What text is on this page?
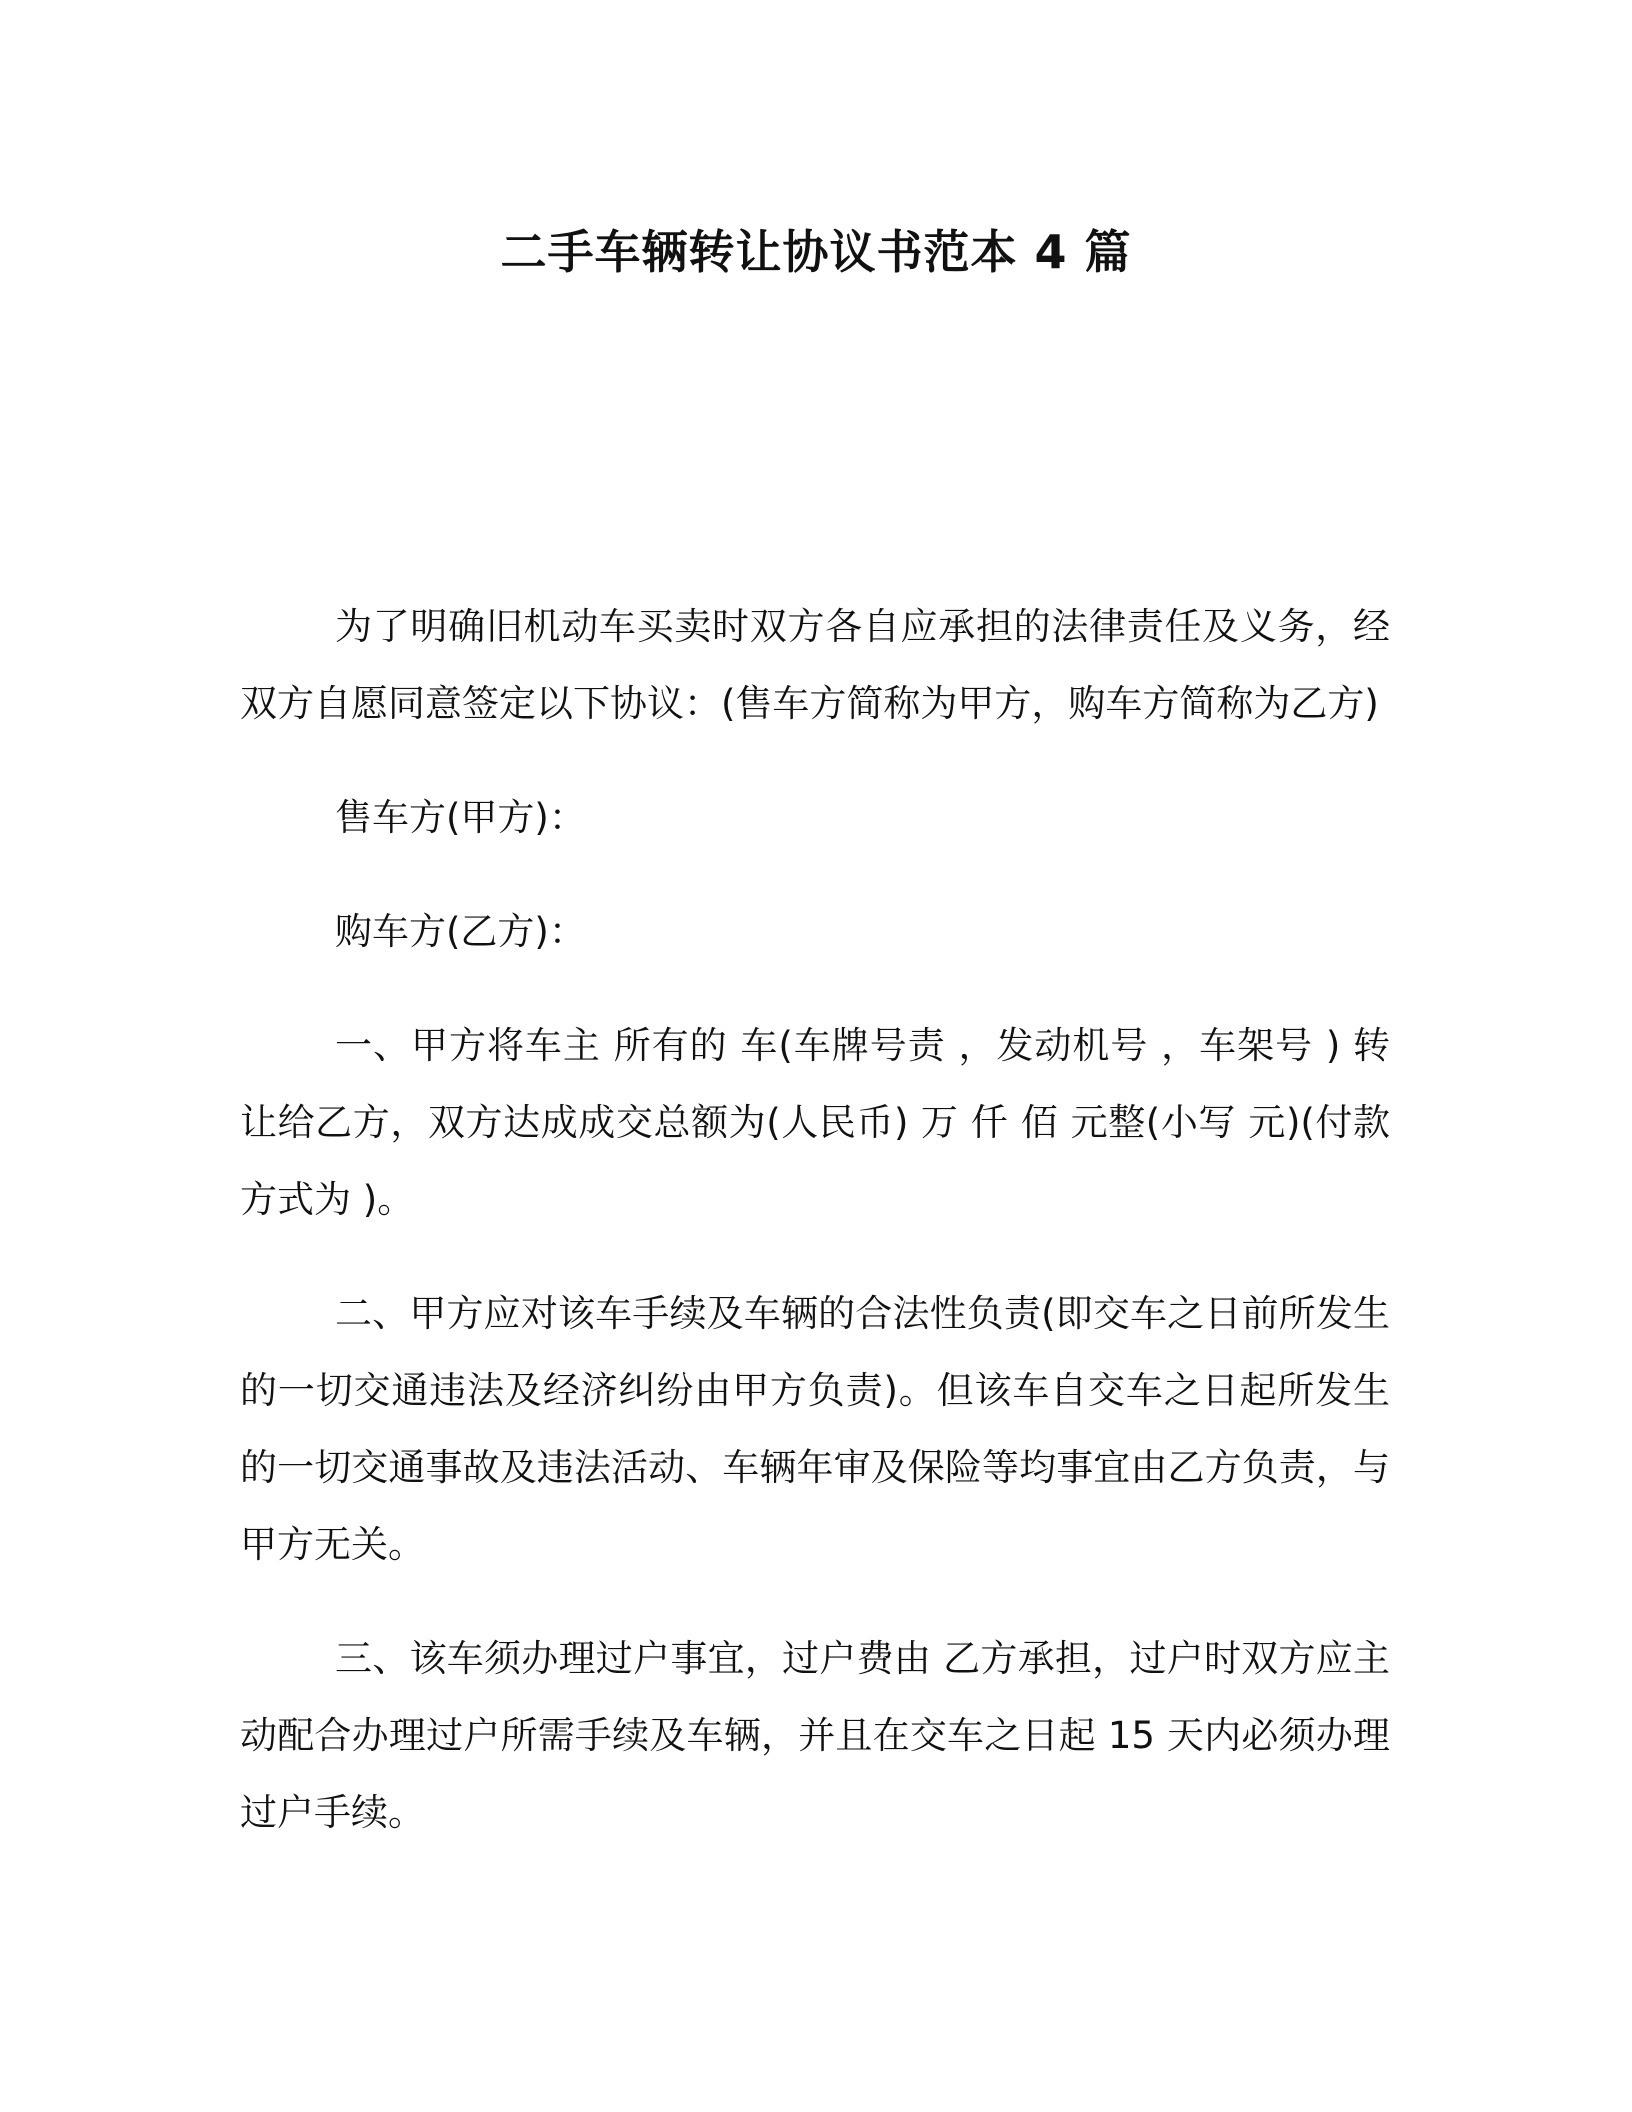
二手车辆转让协议书范本 4 篇

为了明确旧机动车买卖时双方各自应承担的法律责任及义务，经双方自愿同意签定以下协议：(售车方简称为甲方，购车方简称为乙方)

售车方(甲方)：

购车方(乙方)：

一、甲方将车主 所有的 车(车牌号责 ，发动机号 ，车架号 ) 转让给乙方，双方达成成交总额为(人民币) 万 仟 佰 元整(小写 元)(付款方式为 )。

二、甲方应对该车手续及车辆的合法性负责(即交车之日前所发生的一切交通违法及经济纠纷由甲方负责)。但该车自交车之日起所发生的一切交通事故及违法活动、车辆年审及保险等均事宜由乙方负责，与甲方无关。

三、该车须办理过户事宜，过户费由 乙方承担，过户时双方应主动配合办理过户所需手续及车辆，并且在交车之日起 15 天内必须办理过户手续。
